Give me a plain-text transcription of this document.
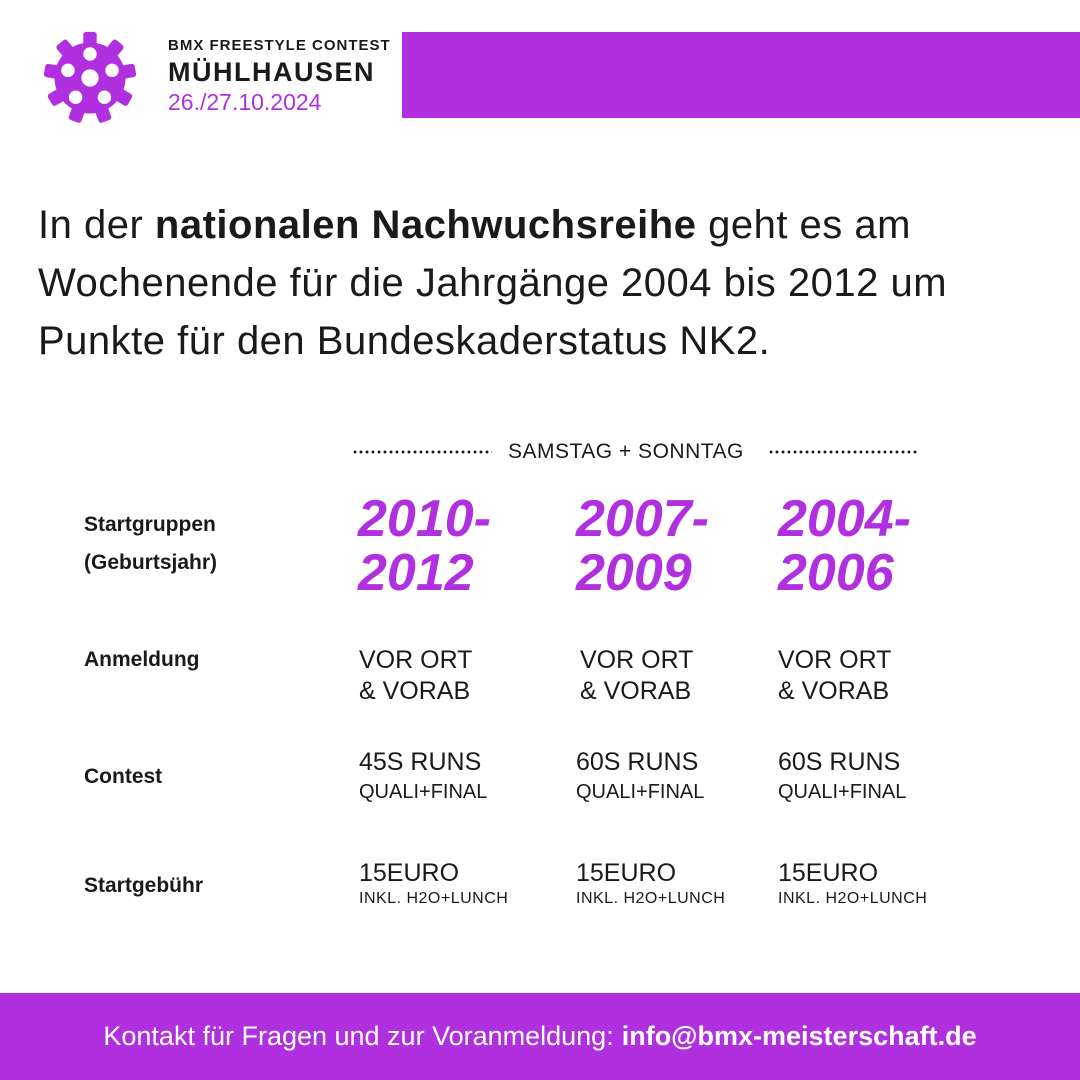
BMX FREESTYLE CONTEST
MÜHLHAUSEN
26./27.10.2024
In der nationalen Nachwuchsreihe geht es am Wochenende für die Jahrgänge 2004 bis 2012 um Punkte für den Bundeskaderstatus NK2.
SAMSTAG + SONNTAG
Startgruppen
(Geburtsjahr)
Anmeldung
Contest
Startgebühr
2010-
2012
VOR ORT
& VORAB
45S RUNS
QUALI+FINAL
15EURO
INKL. H2O+LUNCH
2007-
2009
VOR ORT
& VORAB
60S RUNS
QUALI+FINAL
15EURO
INKL. H2O+LUNCH
2004-
2006
VOR ORT
& VORAB
60S RUNS
QUALI+FINAL
15EURO
INKL. H2O+LUNCH
Kontakt für Fragen und zur Voranmeldung: info@bmx-meisterschaft.de
